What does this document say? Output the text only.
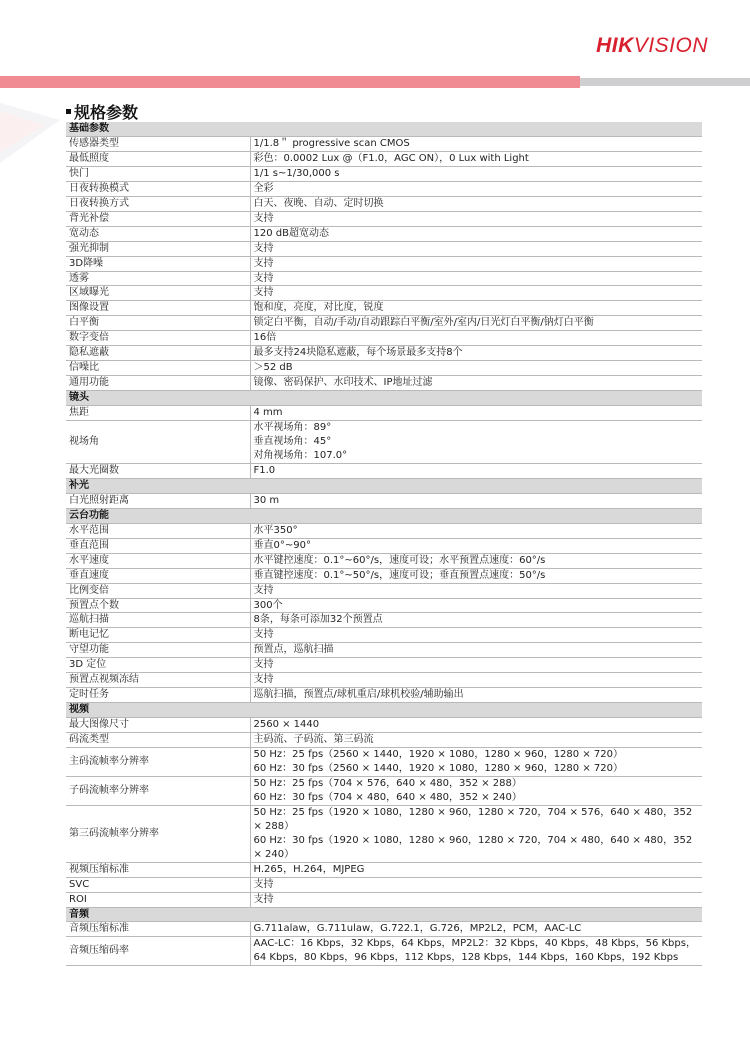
HIKVISION
规格参数
基础参数	
传感器类型	1/1.8＂ progressive scan CMOS

最低照度	彩色：0.0002 Lux @（F1.0，AGC ON），0 Lux with Light

快门	1/1 s~1/30,000 s

日夜转换模式	全彩

日夜转换方式	白天、夜晚、自动、定时切换

背光补偿	支持

宽动态	120 dB超宽动态

强光抑制	支持

3D降噪	支持

透雾	支持

区域曝光	支持

图像设置	饱和度，亮度，对比度，锐度

白平衡	锁定白平衡，自动/手动/自动跟踪白平衡/室外/室内/日光灯白平衡/钠灯白平衡

数字变倍	16倍

隐私遮蔽	最多支持24块隐私遮蔽，每个场景最多支持8个

信噪比	＞52 dB

通用功能	镜像、密码保护、水印技术、IP地址过滤

镜头	
焦距	4 mm

视场角	水平视场角：89°
垂直视场角：45°
对角视场角：107.0°

最大光圈数	F1.0

补光	
白光照射距离	30 m

云台功能	
水平范围	水平350°

垂直范围	垂直0°~90°

水平速度	水平键控速度：0.1°~60°/s，速度可设；水平预置点速度：60°/s

垂直速度	垂直键控速度：0.1°~50°/s，速度可设；垂直预置点速度：50°/s

比例变倍	支持

预置点个数	300个

巡航扫描	8条，每条可添加32个预置点

断电记忆	支持

守望功能	预置点，巡航扫描

3D 定位	支持

预置点视频冻结	支持

定时任务	巡航扫描，预置点/球机重启/球机校验/辅助输出

视频	
最大图像尺寸	2560 × 1440

码流类型	主码流、子码流、第三码流

主码流帧率分辨率	50 Hz：25 fps（2560 × 1440，1920 × 1080，1280 × 960，1280 × 720）
60 Hz：30 fps（2560 × 1440，1920 × 1080，1280 × 960，1280 × 720）

子码流帧率分辨率	50 Hz：25 fps（704 × 576，640 × 480，352 × 288）
60 Hz：30 fps（704 × 480，640 × 480，352 × 240）

第三码流帧率分辨率	50 Hz：25 fps（1920 × 1080，1280 × 960，1280 × 720，704 × 576，640 × 480，352 × 288）
60 Hz：30 fps（1920 × 1080，1280 × 960，1280 × 720，704 × 480，640 × 480，352 × 240）

视频压缩标准	H.265，H.264，MJPEG

SVC	支持

ROI	支持

音频	
音频压缩标准	G.711alaw，G.711ulaw，G.722.1，G.726，MP2L2，PCM，AAC-LC

音频压缩码率	AAC-LC：16 Kbps，32 Kbps，64 Kbps，MP2L2：32 Kbps，40 Kbps，48 Kbps，56 Kbps，64 Kbps，80 Kbps，96 Kbps，112 Kbps，128 Kbps，144 Kbps，160 Kbps，192 Kbps
